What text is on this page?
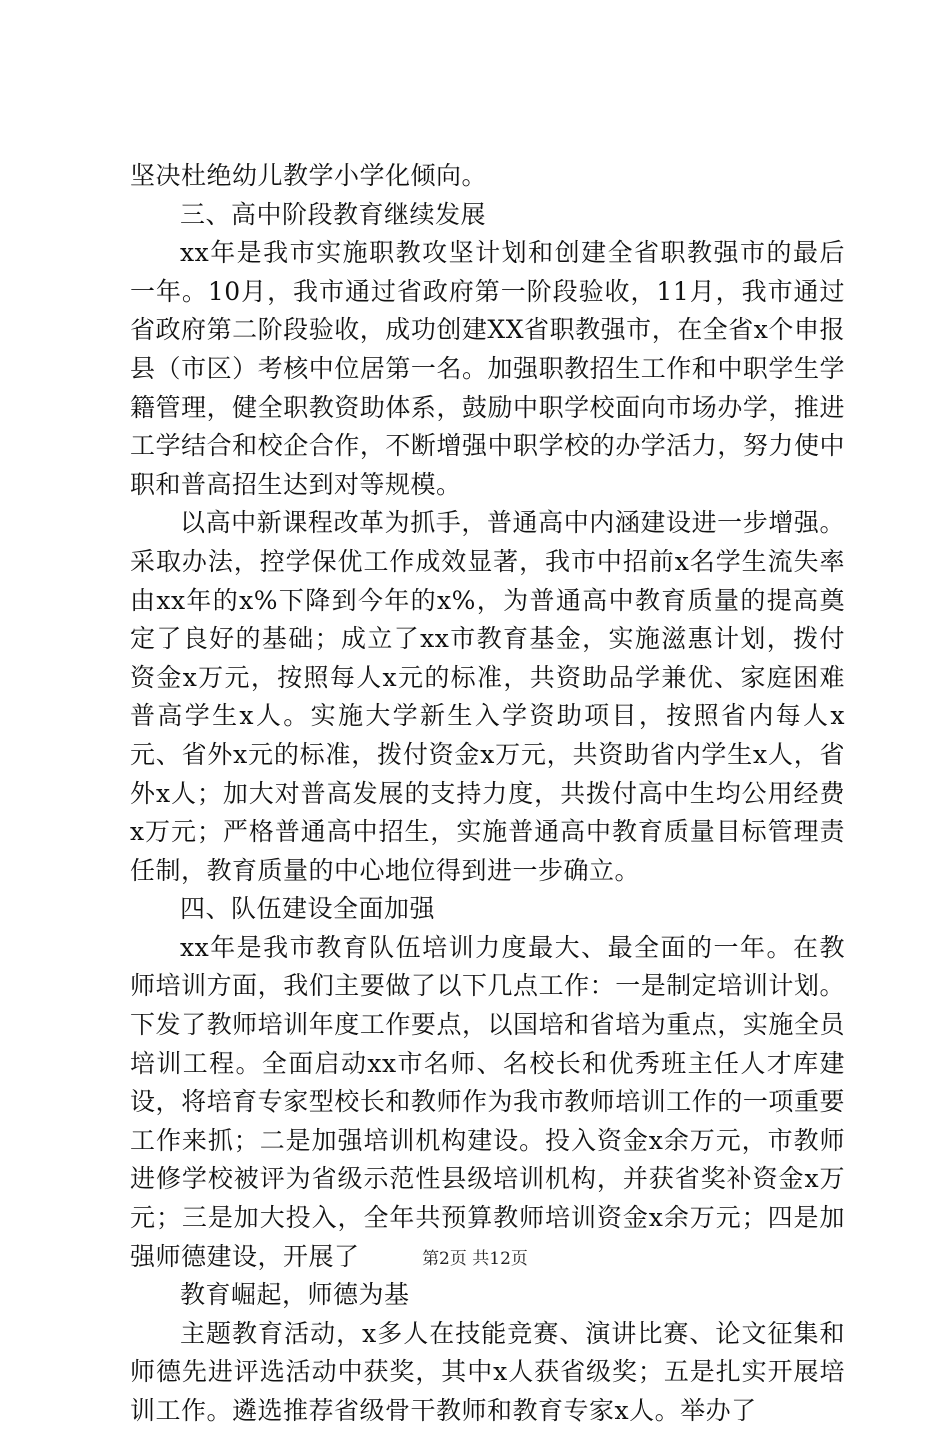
坚决杜绝幼儿教学小学化倾向。

三、高中阶段教育继续发展

xx年是我市实施职教攻坚计划和创建全省职教强市的最后一年。10月，我市通过省政府第一阶段验收，11月，我市通过省政府第二阶段验收，成功创建XX省职教强市，在全省x个申报县（市区）考核中位居第一名。加强职教招生工作和中职学生学籍管理，健全职教资助体系，鼓励中职学校面向市场办学，推进工学结合和校企合作，不断增强中职学校的办学活力，努力使中职和普高招生达到对等规模。

以高中新课程改革为抓手，普通高中内涵建设进一步增强。采取办法，控学保优工作成效显著，我市中招前x名学生流失率由xx年的x%下降到今年的x%，为普通高中教育质量的提高奠定了良好的基础；成立了xx市教育基金，实施滋惠计划，拨付资金x万元，按照每人x元的标准，共资助品学兼优、家庭困难普高学生x人。实施大学新生入学资助项目，按照省内每人x元、省外x元的标准，拨付资金x万元，共资助省内学生x人，省外x人；加大对普高发展的支持力度，共拨付高中生均公用经费x万元；严格普通高中招生，实施普通高中教育质量目标管理责任制，教育质量的中心地位得到进一步确立。

四、队伍建设全面加强

xx年是我市教育队伍培训力度最大、最全面的一年。在教师培训方面，我们主要做了以下几点工作：一是制定培训计划。下发了教师培训年度工作要点，以国培和省培为重点，实施全员培训工程。全面启动xx市名师、名校长和优秀班主任人才库建设，将培育专家型校长和教师作为我市教师培训工作的一项重要工作来抓；二是加强培训机构建设。投入资金x余万元，市教师进修学校被评为省级示范性县级培训机构，并获省奖补资金x万元；三是加大投入，全年共预算教师培训资金x余万元；四是加强师德建设，开展了

教育崛起，师德为基

主题教育活动，x多人在技能竞赛、演讲比赛、论文征集和师德先进评选活动中获奖，其中x人获省级奖；五是扎实开展培训工作。遴选推荐省级骨干教师和教育专家x人。举办了

第2页 共12页
